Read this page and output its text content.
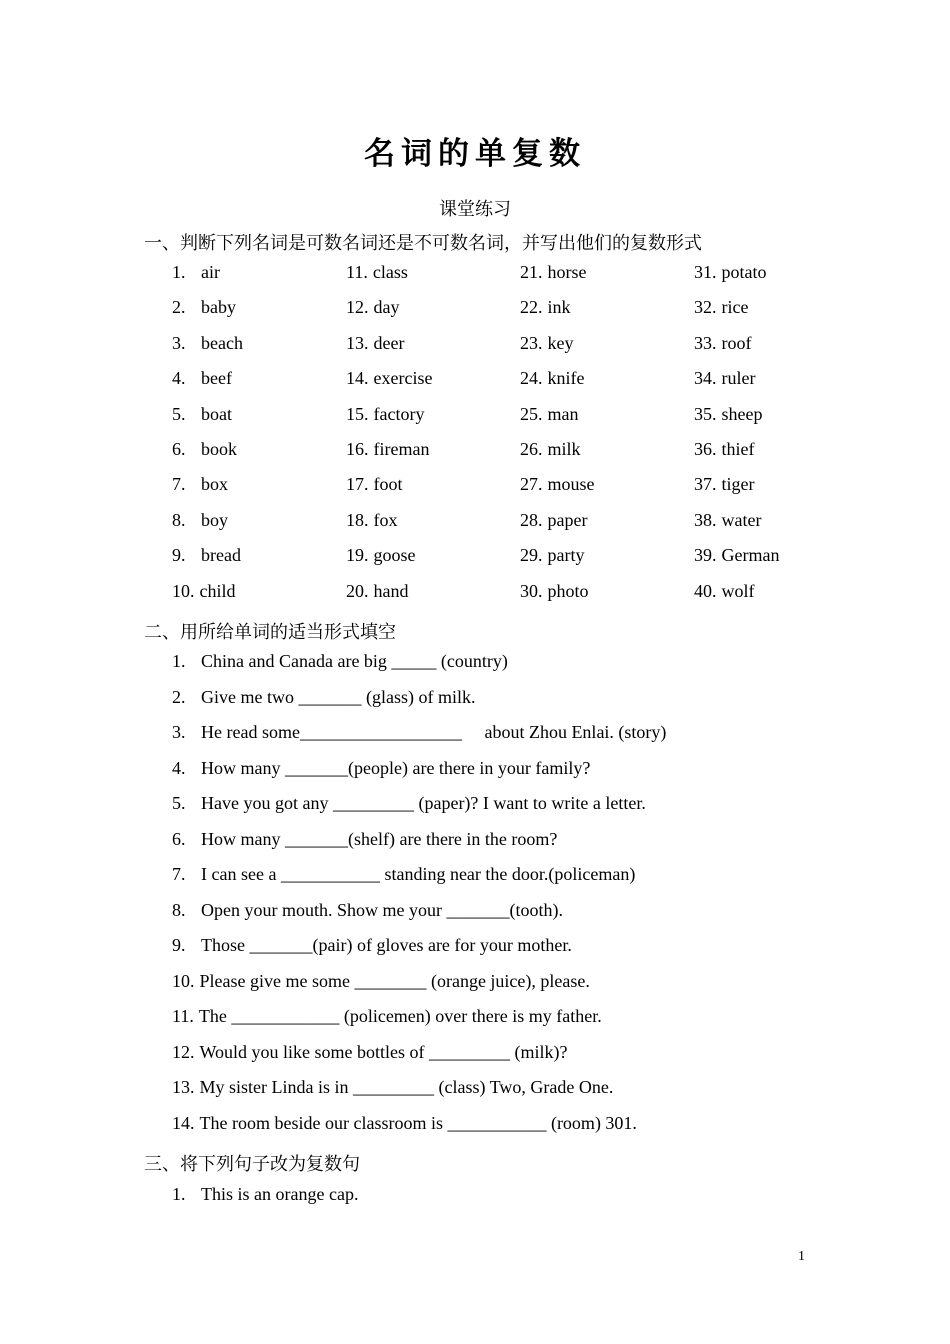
名词的单复数
课堂练习
一、判断下列名词是可数名词还是不可数名词，并写出他们的复数形式
1. air	11. class	21. horse	31. potato
2. baby	12. day	22. ink	32. rice
3. beach	13. deer	23. key	33. roof
4. beef	14. exercise	24. knife	34. ruler
5. boat	15. factory	25. man	35. sheep
6. book	16. fireman	26. milk	36. thief
7. box	17. foot	27. mouse	37. tiger
8. boy	18. fox	28. paper	38. water
9. bread	19. goose	29. party	39. German
10. child	20. hand	30. photo	40. wolf
二、用所给单词的适当形式填空
1. China and Canada are big _____ (country)
2. Give me two _______ (glass) of milk.
3. He read some__________________     about Zhou Enlai. (story)
4. How many _______(people) are there in your family?
5. Have you got any _________ (paper)? I want to write a letter.
6. How many _______(shelf) are there in the room?
7. I can see a ___________ standing near the door.(policeman)
8. Open your mouth. Show me your _______(tooth).
9. Those _______(pair) of gloves are for your mother.
10. Please give me some ________ (orange juice), please.
11. The ____________ (policemen) over there is my father.
12. Would you like some bottles of _________ (milk)?
13. My sister Linda is in _________ (class) Two, Grade One.
14. The room beside our classroom is ___________ (room) 301.
三、将下列句子改为复数句
1. This is an orange cap.
1
